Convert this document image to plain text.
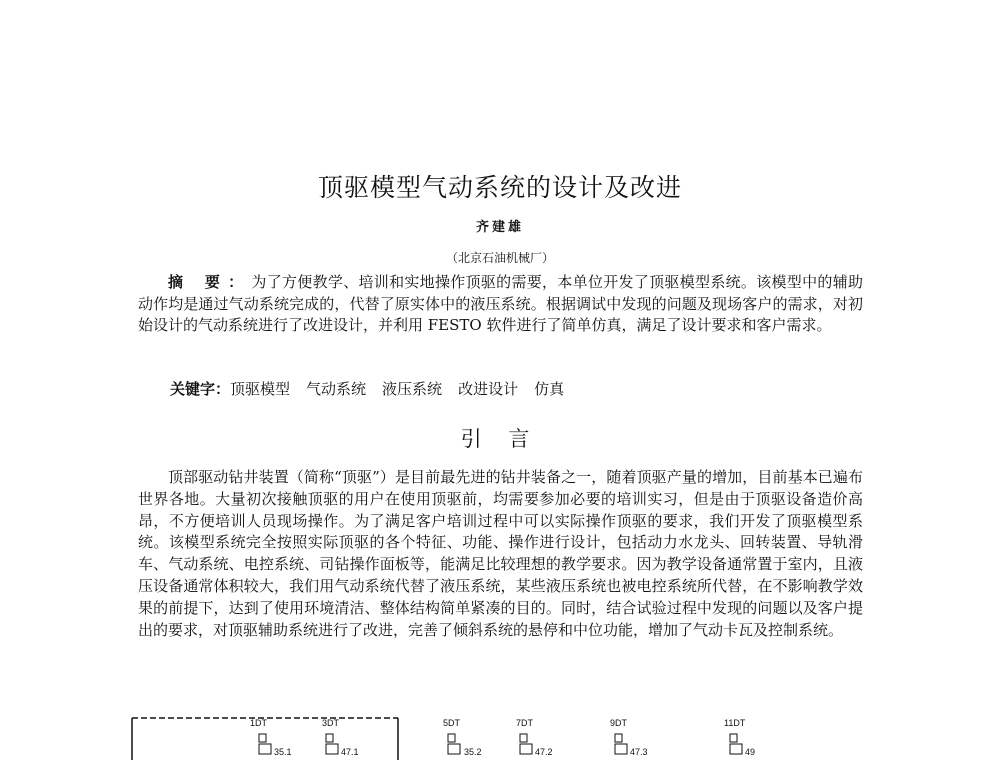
顶驱模型气动系统的设计及改进
齐建雄
（北京石油机械厂）

摘 要：为了方便教学、培训和实地操作顶驱的需要，本单位开发了顶驱模型系统。该模型中的辅助动作均是通过气动系统完成的，代替了原实体中的液压系统。根据调试中发现的问题及现场客户的需求，对初始设计的气动系统进行了改进设计，并利用 FESTO 软件进行了简单仿真，满足了设计要求和客户需求。

关键字：顶驱模型 气动系统 液压系统 改进设计 仿真

引 言

顶部驱动钻井装置（简称“顶驱”）是目前最先进的钻井装备之一，随着顶驱产量的增加，目前基本已遍布世界各地。大量初次接触顶驱的用户在使用顶驱前，均需要参加必要的培训实习，但是由于顶驱设备造价高昂，不方便培训人员现场操作。为了满足客户培训过程中可以实际操作顶驱的要求，我们开发了顶驱模型系统。该模型系统完全按照实际顶驱的各个特征、功能、操作进行设计，包括动力水龙头、回转装置、导轨滑车、气动系统、电控系统、司钻操作面板等，能满足比较理想的教学要求。因为教学设备通常置于室内，且液压设备通常体积较大，我们用气动系统代替了液压系统，某些液压系统也被电控系统所代替，在不影响教学效果的前提下，达到了使用环境清洁、整体结构简单紧凑的目的。同时，结合试验过程中发现的问题以及客户提出的要求，对顶驱辅助系统进行了改进，完善了倾斜系统的悬停和中位功能，增加了气动卡瓦及控制系统。

1DT
35.1
3DT
47.1
5DT
35.2
7DT
47.2
9DT
47.3
11DT
49
